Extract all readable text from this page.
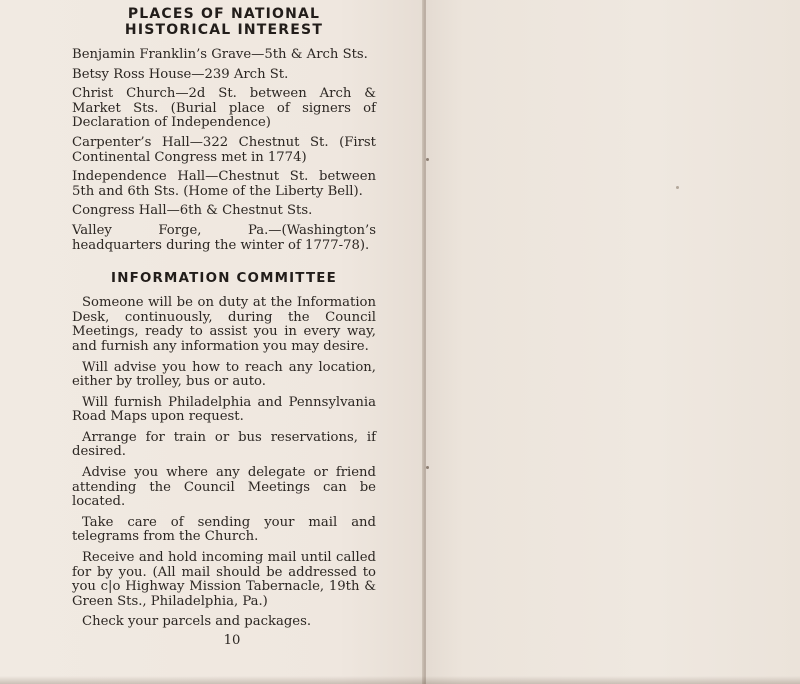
PLACES OF NATIONAL HISTORICAL INTEREST
Benjamin Franklin’s Grave—5th & Arch Sts.
Betsy Ross House—239 Arch St.
Christ Church—2d St. between Arch & Market Sts. (Burial place of signers of Declaration of Independence)
Carpenter’s Hall—322 Chestnut St. (First Continental Congress met in 1774)
Independence Hall—Chestnut St. between 5th and 6th Sts. (Home of the Liberty Bell).
Congress Hall—6th & Chestnut Sts.
Valley Forge, Pa.—(Washington’s headquarters during the winter of 1777-78).
INFORMATION COMMITTEE
Someone will be on duty at the Information Desk, continuously, during the Council Meetings, ready to assist you in every way, and furnish any information you may desire.
Will advise you how to reach any location, either by trolley, bus or auto.
Will furnish Philadelphia and Pennsylvania Road Maps upon request.
Arrange for train or bus reservations, if desired.
Advise you where any delegate or friend attending the Council Meetings can be located.
Take care of sending your mail and telegrams from the Church.
Receive and hold incoming mail until called for by you. (All mail should be addressed to you c|o Highway Mission Tabernacle, 19th & Green Sts., Philadelphia, Pa.)
Check your parcels and packages.
10
